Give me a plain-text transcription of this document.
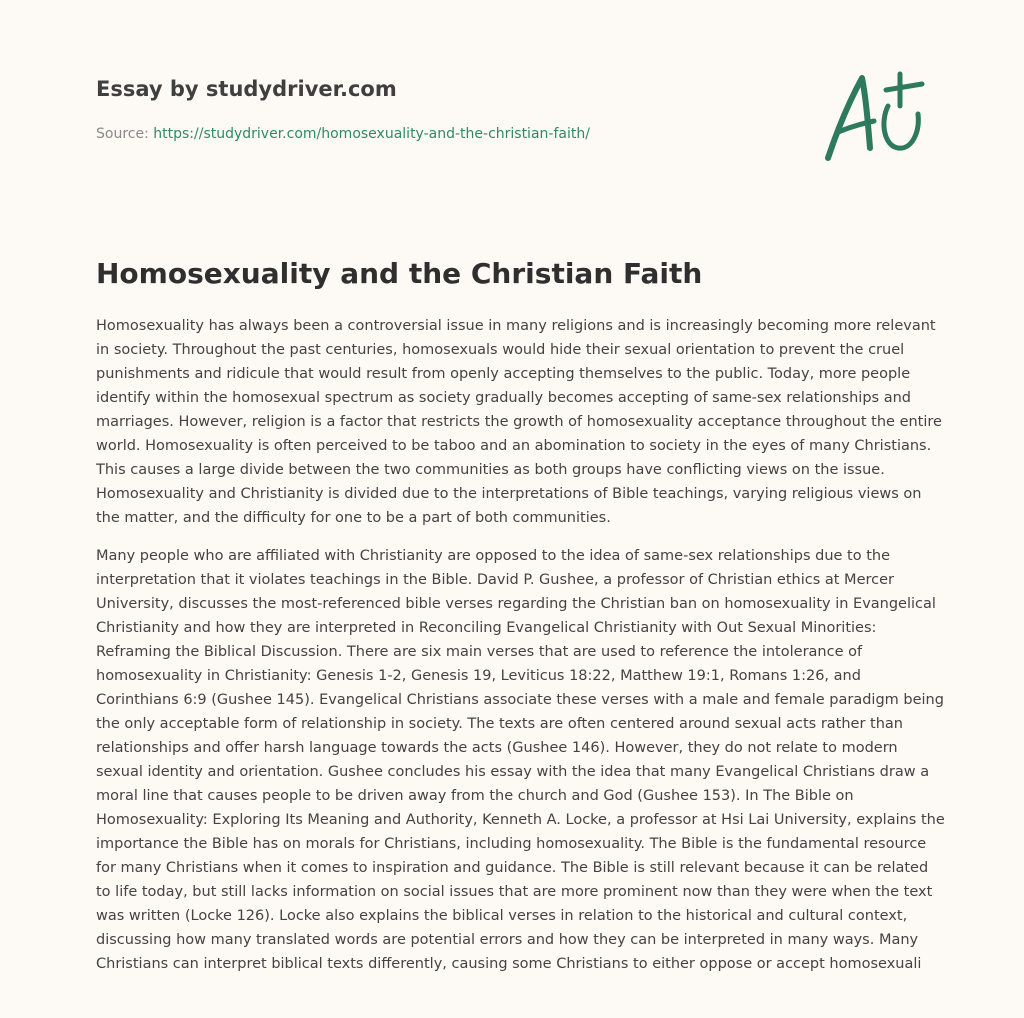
Essay by studydriver.com
Source: https://studydriver.com/homosexuality-and-the-christian-faith/
Homosexuality and the Christian Faith

Homosexuality has always been a controversial issue in many religions and is increasingly becoming more relevant in society. Throughout the past centuries, homosexuals would hide their sexual orientation to prevent the cruel punishments and ridicule that would result from openly accepting themselves to the public. Today, more people identify within the homosexual spectrum as society gradually becomes accepting of same-sex relationships and marriages. However, religion is a factor that restricts the growth of homosexuality acceptance throughout the entire world. Homosexuality is often perceived to be taboo and an abomination to society in the eyes of many Christians. This causes a large divide between the two communities as both groups have conflicting views on the issue. Homosexuality and Christianity is divided due to the interpretations of Bible teachings, varying religious views on the matter, and the difficulty for one to be a part of both communities.

Many people who are affiliated with Christianity are opposed to the idea of same-sex relationships due to the interpretation that it violates teachings in the Bible. David P. Gushee, a professor of Christian ethics at Mercer University, discusses the most-referenced bible verses regarding the Christian ban on homosexuality in Evangelical Christianity and how they are interpreted in Reconciling Evangelical Christianity with Out Sexual Minorities: Reframing the Biblical Discussion. There are six main verses that are used to reference the intolerance of homosexuality in Christianity: Genesis 1-2, Genesis 19, Leviticus 18:22, Matthew 19:1, Romans 1:26, and Corinthians 6:9 (Gushee 145). Evangelical Christians associate these verses with a male and female paradigm being the only acceptable form of relationship in society. The texts are often centered around sexual acts rather than relationships and offer harsh language towards the acts (Gushee 146). However, they do not relate to modern sexual identity and orientation. Gushee concludes his essay with the idea that many Evangelical Christians draw a moral line that causes people to be driven away from the church and God (Gushee 153). In The Bible on Homosexuality: Exploring Its Meaning and Authority, Kenneth A. Locke, a professor at Hsi Lai University, explains the importance the Bible has on morals for Christians, including homosexuality. The Bible is the fundamental resource for many Christians when it comes to inspiration and guidance. The Bible is still relevant because it can be related to life today, but still lacks information on social issues that are more prominent now than they were when the text was written (Locke 126). Locke also explains the biblical verses in relation to the historical and cultural context, discussing how many translated words are potential errors and how they can be interpreted in many ways. Many Christians can interpret biblical texts differently, causing some Christians to either oppose or accept homosexuali
